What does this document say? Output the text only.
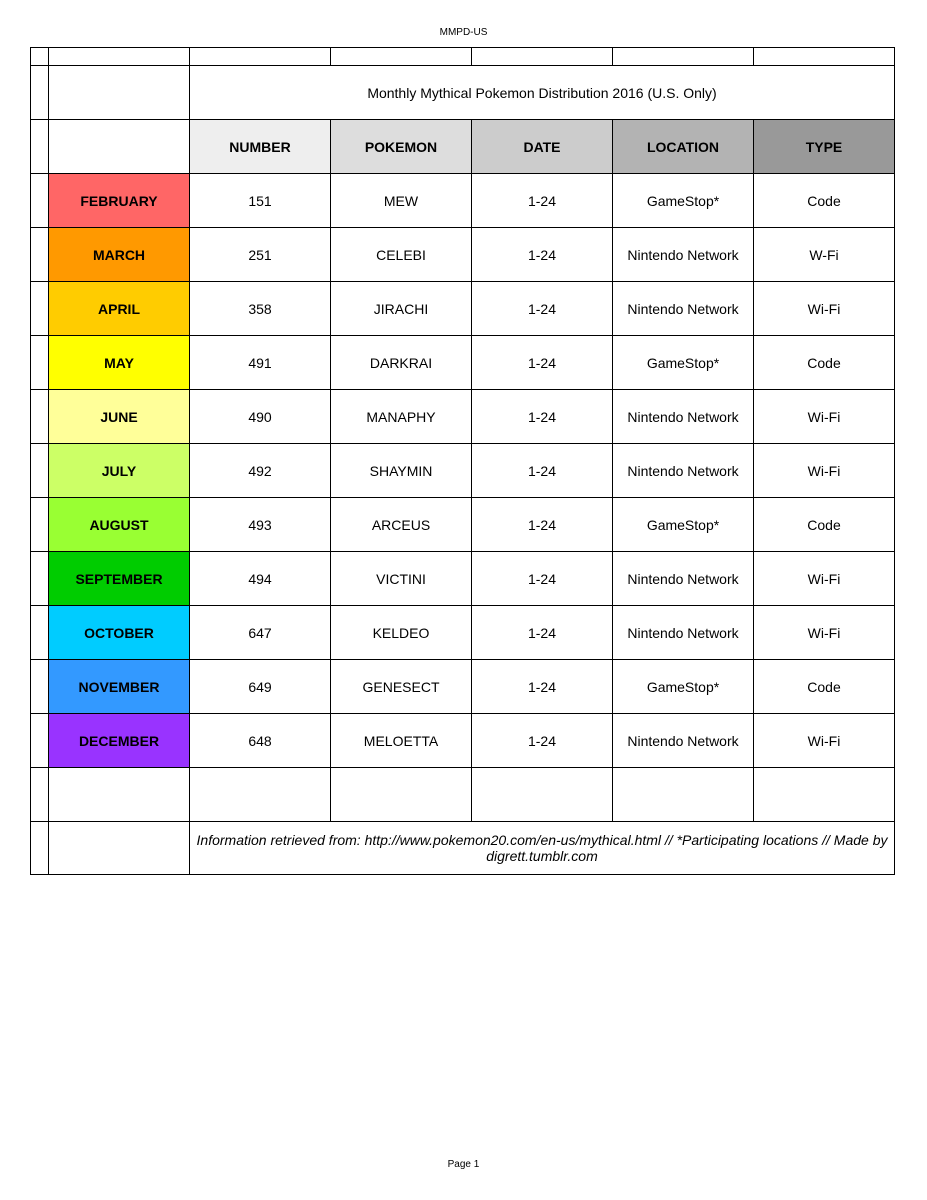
MMPD-US

		Monthly Mythical Pokemon Distribution 2016 (U.S. Only)				
		NUMBER	POKEMON	DATE	LOCATION	TYPE
	FEBRUARY	151	MEW	1-24	GameStop*	Code
	MARCH	251	CELEBI	1-24	Nintendo Network	W-Fi
	APRIL	358	JIRACHI	1-24	Nintendo Network	Wi-Fi
	MAY	491	DARKRAI	1-24	GameStop*	Code
	JUNE	490	MANAPHY	1-24	Nintendo Network	Wi-Fi
	JULY	492	SHAYMIN	1-24	Nintendo Network	Wi-Fi
	AUGUST	493	ARCEUS	1-24	GameStop*	Code
	SEPTEMBER	494	VICTINI	1-24	Nintendo Network	Wi-Fi
	OCTOBER	647	KELDEO	1-24	Nintendo Network	Wi-Fi
	NOVEMBER	649	GENESECT	1-24	GameStop*	Code
	DECEMBER	648	MELOETTA	1-24	Nintendo Network	Wi-Fi

		Information retrieved from: http://www.pokemon20.com/en-us/mythical.html // *Participating locations // Made by digrett.tumblr.com				
Page 1
